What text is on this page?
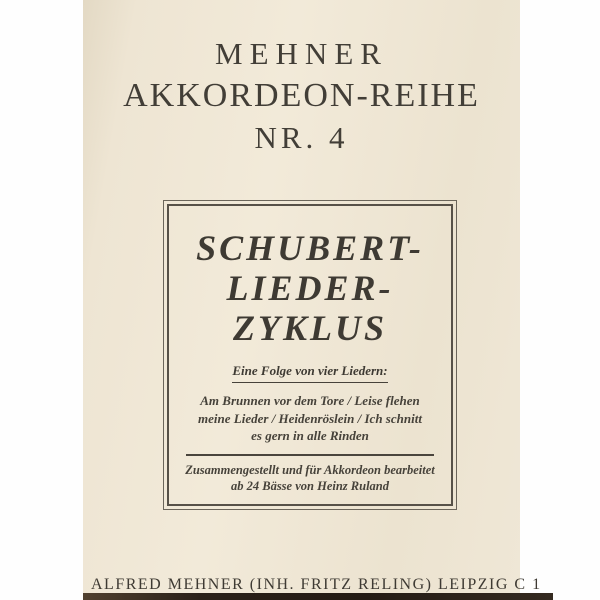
MEHNER
AKKORDEON-REIHE
NR. 4
SCHUBERT-
LIEDER-
ZYKLUS
Eine Folge von vier Liedern:
Am Brunnen vor dem Tore / Leise flehen
meine Lieder / Heidenröslein / Ich schnitt
es gern in alle Rinden
Zusammengestellt und für Akkordeon bearbeitet
ab 24 Bässe von Heinz Ruland
ALFRED MEHNER (INH. FRITZ RELING) LEIPZIG C 1
